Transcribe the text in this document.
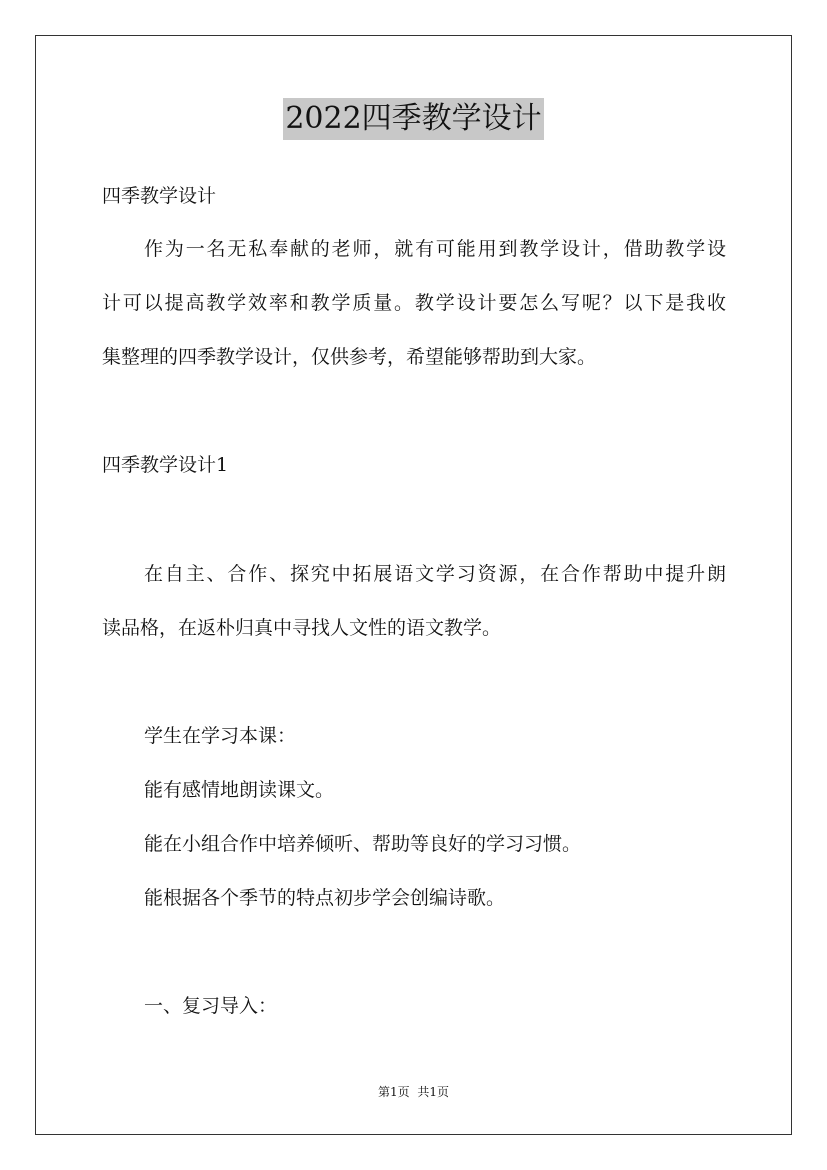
2022四季教学设计
四季教学设计
作为一名无私奉献的老师，就有可能用到教学设计，借助教学设
计可以提高教学效率和教学质量。教学设计要怎么写呢？以下是我收
集整理的四季教学设计，仅供参考，希望能够帮助到大家。
四季教学设计1
在自主、合作、探究中拓展语文学习资源，在合作帮助中提升朗
读品格，在返朴归真中寻找人文性的语文教学。
学生在学习本课：
能有感情地朗读课文。
能在小组合作中培养倾听、帮助等良好的学习习惯。
能根据各个季节的特点初步学会创编诗歌。
一、复习导入：
第1页 共1页
